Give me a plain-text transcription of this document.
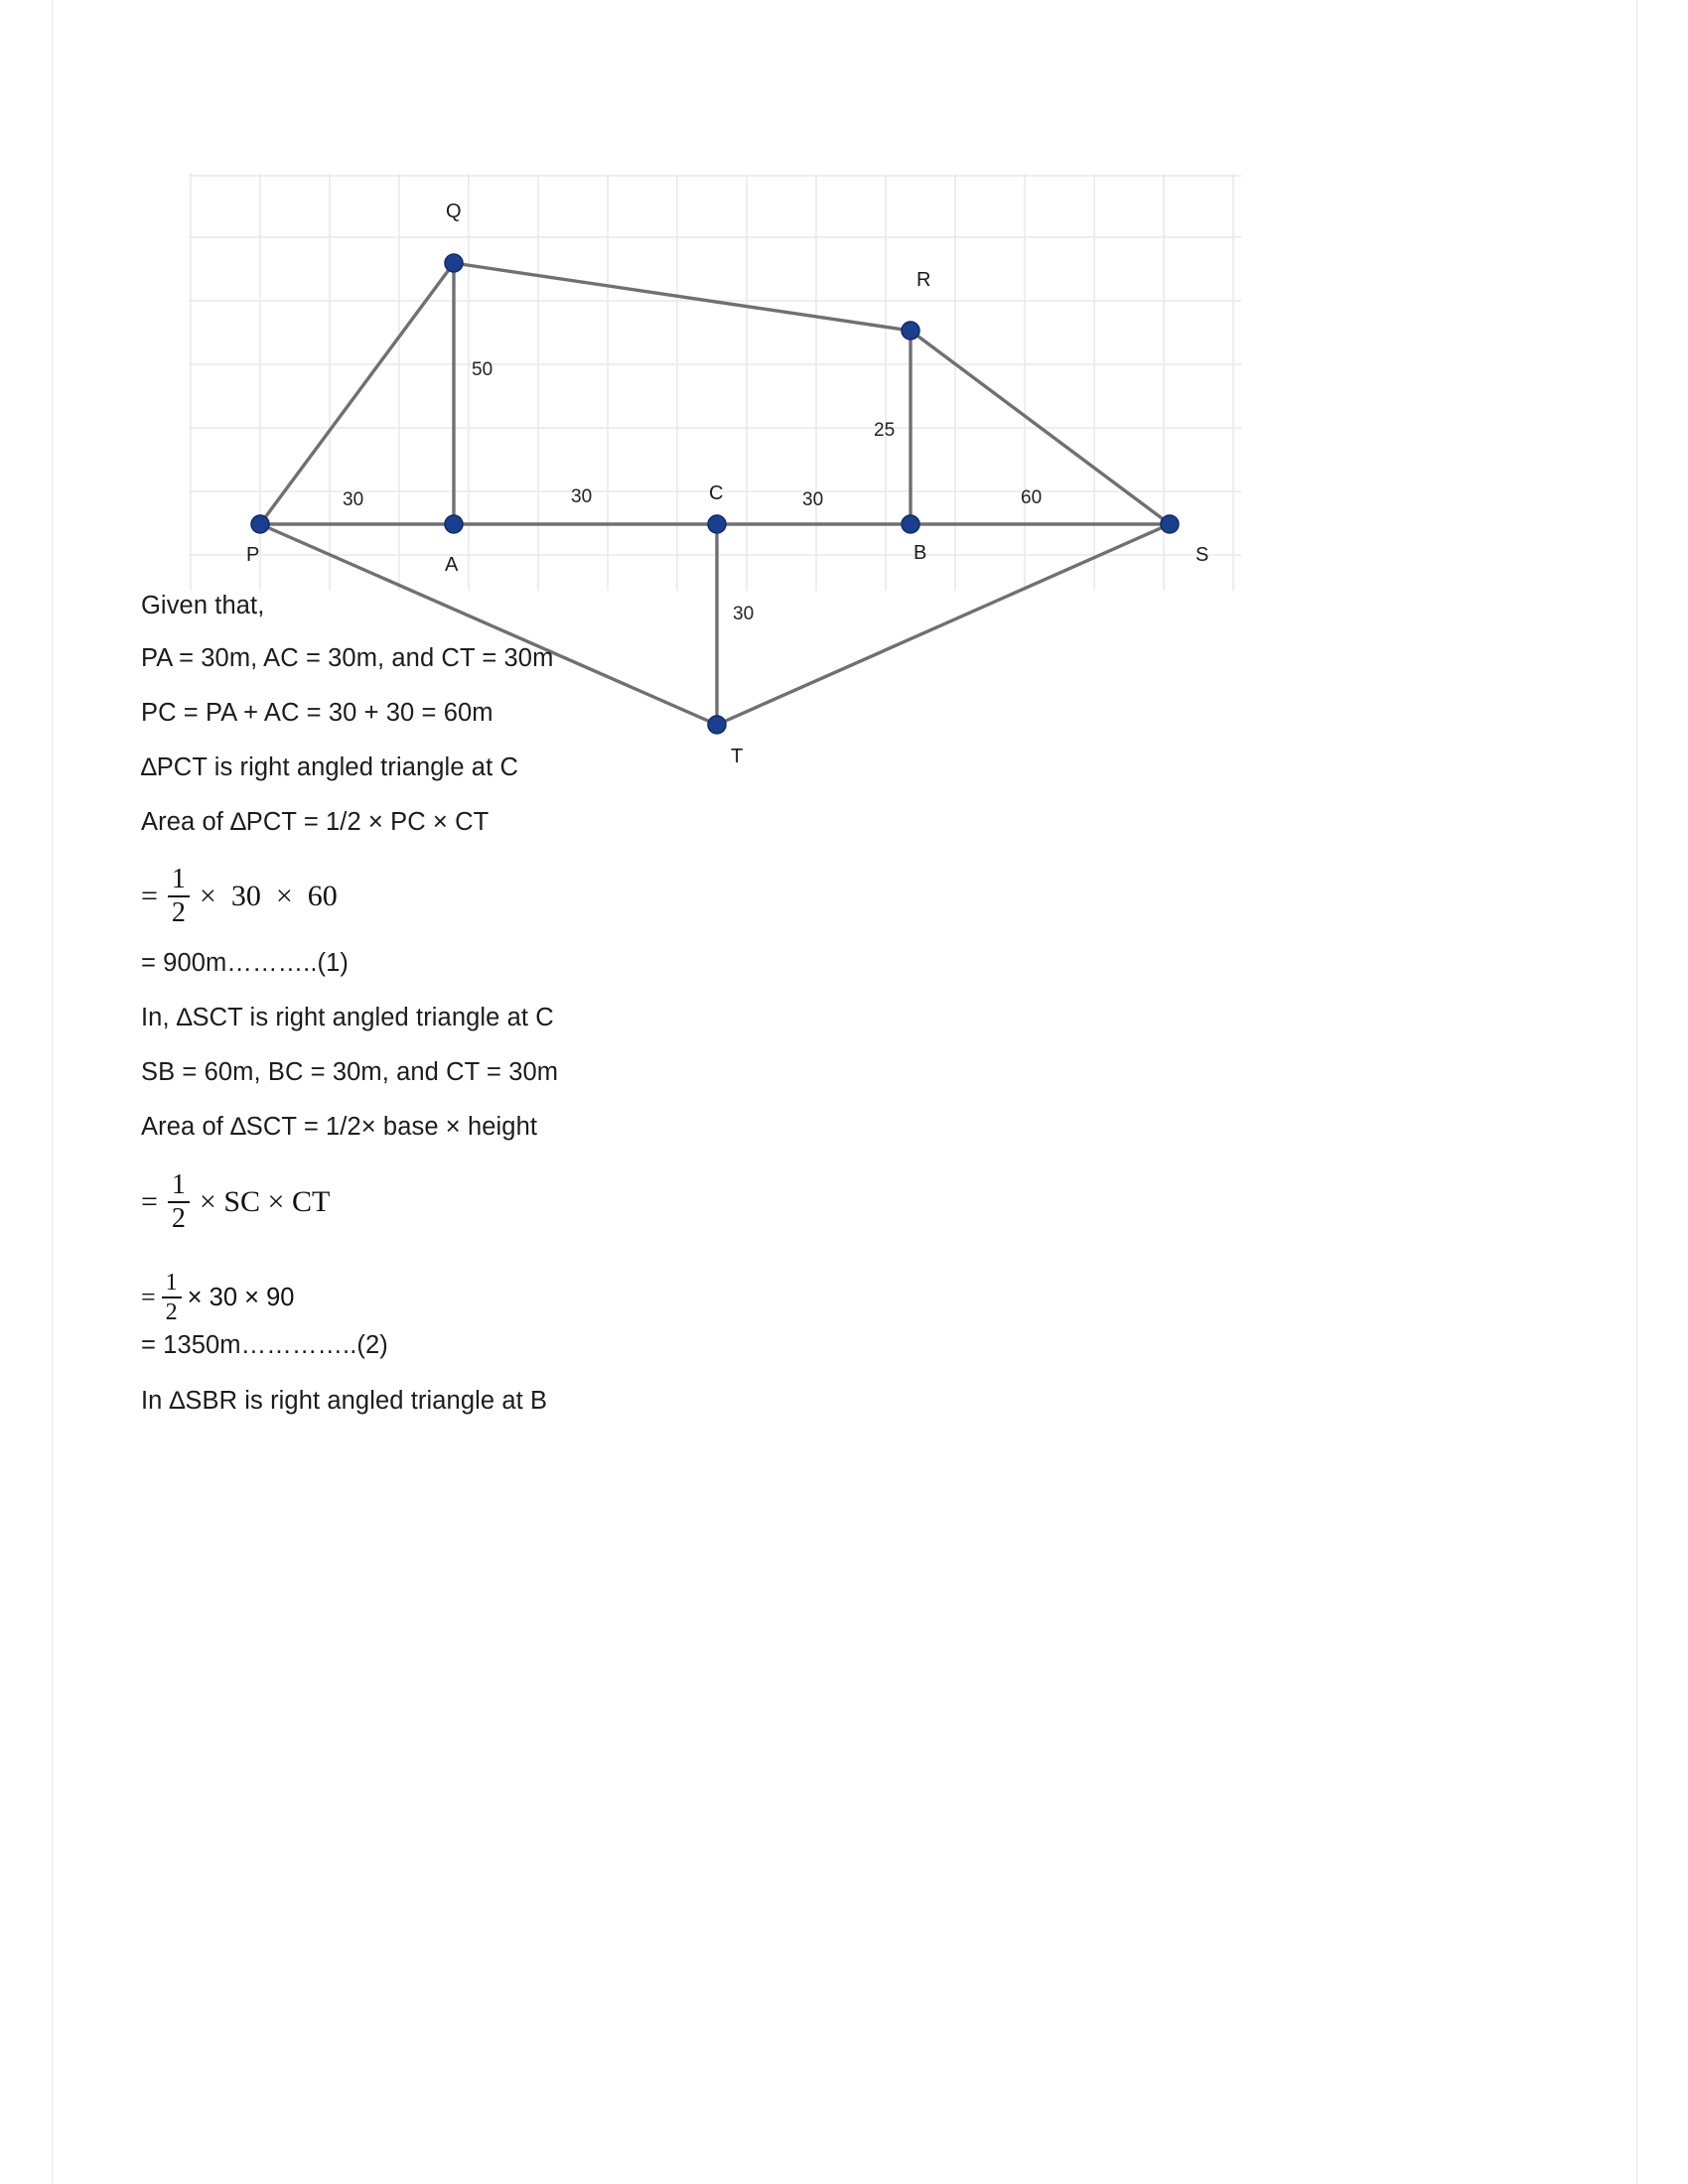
P
Q
R
S
T
A
B
C
30	30	30	60
50
25
30
Given that,
PA = 30m, AC = 30m, and CT = 30m
PC = PA + AC = 30 + 30 = 60m
∆PCT is right angled triangle at C
Area of ∆PCT = 1/2 × PC × CT
= $\frac{1}{2} \times 30 \times 60$
= 900m………..(1)
In, ∆SCT is right angled triangle at C
SB = 60m, BC = 30m, and CT = 30m
Area of ∆SCT = 1/2× base × height
= $\frac{1}{2}$ × SC × CT
= $\frac{1}{2} \times 30 \times 90$
= 1350m…………..(2)
In ∆SBR is right angled triangle at B
